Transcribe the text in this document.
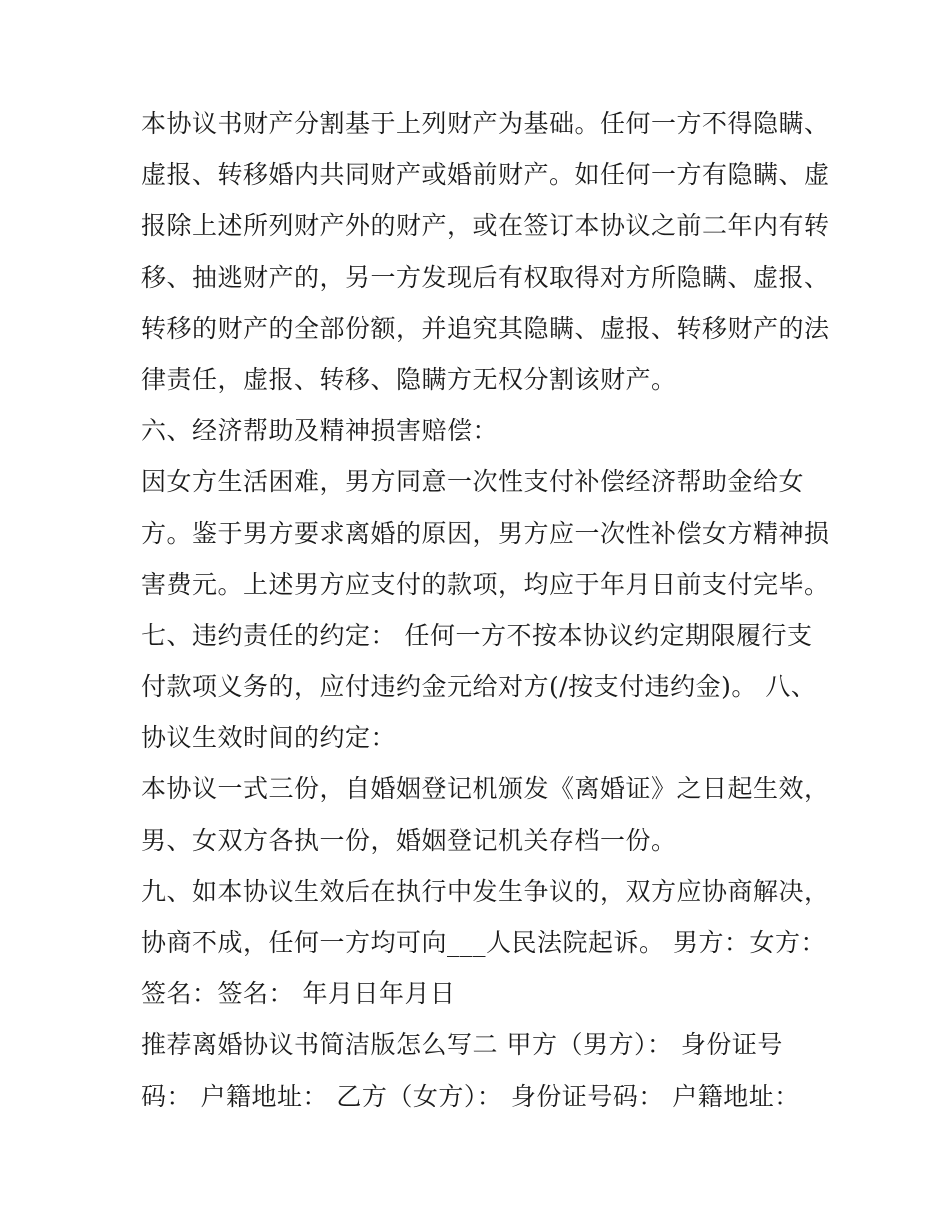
本协议书财产分割基于上列财产为基础。任何一方不得隐瞒、
虚报、转移婚内共同财产或婚前财产。如任何一方有隐瞒、虚
报除上述所列财产外的财产，或在签订本协议之前二年内有转
移、抽逃财产的，另一方发现后有权取得对方所隐瞒、虚报、
转移的财产的全部份额，并追究其隐瞒、虚报、转移财产的法
律责任，虚报、转移、隐瞒方无权分割该财产。
六、经济帮助及精神损害赔偿：
因女方生活困难，男方同意一次性支付补偿经济帮助金给女
方。鉴于男方要求离婚的原因，男方应一次性补偿女方精神损
害费元。上述男方应支付的款项，均应于年月日前支付完毕。
七、违约责任的约定： 任何一方不按本协议约定期限履行支
付款项义务的，应付违约金元给对方(/按支付违约金)。 八、
协议生效时间的约定：
本协议一式三份，自婚姻登记机颁发《离婚证》之日起生效，
男、女双方各执一份，婚姻登记机关存档一份。
九、如本协议生效后在执行中发生争议的，双方应协商解决，
协商不成，任何一方均可向___人民法院起诉。 男方：女方：
签名：签名： 年月日年月日
推荐离婚协议书简洁版怎么写二 甲方（男方）： 身份证号
码： 户籍地址： 乙方（女方）： 身份证号码： 户籍地址：
